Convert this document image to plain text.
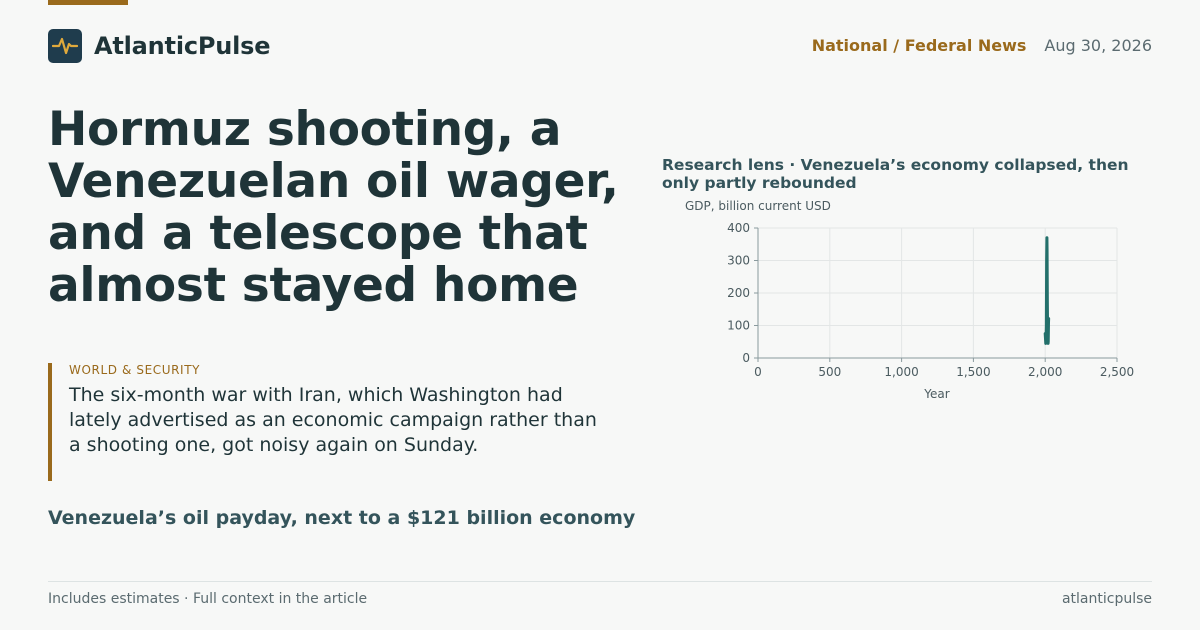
AtlanticPulse	National / Federal News Aug 30, 2026
Hormuz shooting, a Venezuelan oil wager, and a telescope that almost stayed home
WORLD & SECURITY
The six-month war with Iran, which Washington had lately advertised as an economic campaign rather than a shooting one, got noisy again on Sunday.
Venezuela’s oil payday, next to a $121 billion economy
Research lens · Venezuela’s economy collapsed, then only partly rebounded
GDP, billion current USD
Year
0	500	1,000	1,500	2,000	2,500
0
100
200
300
400
Includes estimates · Full context in the article	atlanticpulse
